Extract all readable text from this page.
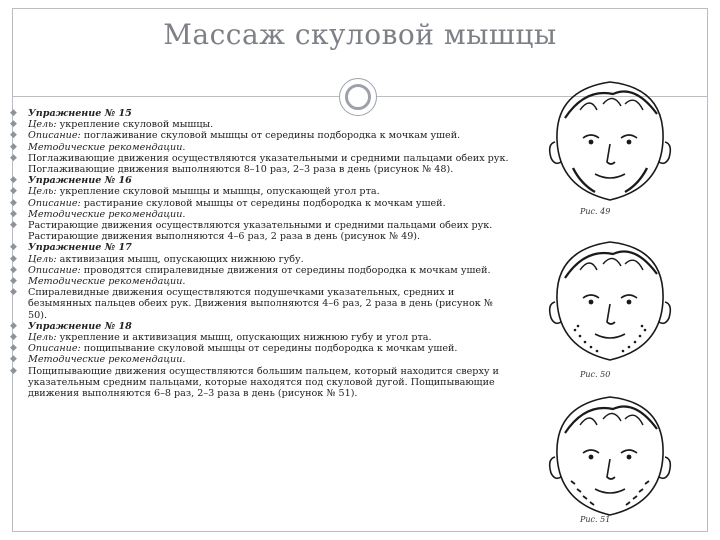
Массаж скуловой мышцы
◆	Упражнение № 15
◆	Цель: укрепление скуловой мышцы.
◆	Описание: поглаживание скуловой мышцы от середины подбородка к мочкам ушей.
◆	Методические рекомендации.
◆	Поглаживающие движения осуществляются указательными и средними пальцами обеих рук. Поглаживающие движения выполняются 8–10 раз, 2–3 раза в день (рисунок № 48).
◆	Упражнение № 16
◆	Цель: укрепление скуловой мышцы и мышцы, опускающей угол рта.
◆	Описание: растирание скуловой мышцы от середины подбородка к мочкам ушей.
◆	Методические рекомендации.
◆	Растирающие движения осуществляются указательными и средними пальцами обеих рук. Растирающие движения выполняются 4–6 раз, 2 раза в день (рисунок № 49).
◆	Упражнение № 17
◆	Цель: активизация мышц, опускающих нижнюю губу.
◆	Описание: проводятся спиралевидные движения от середины подбородка к мочкам ушей.
◆	Методические рекомендации.
◆	Спиралевидные движения осуществляются подушечками указательных, средних и безымянных пальцев обеих рук. Движения выполняются 4–6 раз, 2 раза в день (рисунок № 50).
◆	Упражнение № 18
◆	Цель: укрепление и активизация мышц, опускающих нижнюю губу и угол рта.
◆	Описание: пощипывание скуловой мышцы от середины подбородка к мочкам ушей.
◆	Методические рекомендации.
◆	Пощипывающие движения осуществляются большим пальцем, который находится сверху и указательным средним пальцами, которые находятся под скуловой дугой. Пощипывающие движения выполняются 6–8 раз, 2–3 раза в день (рисунок № 51).
Рис. 49
Рис. 50
Рис. 51
